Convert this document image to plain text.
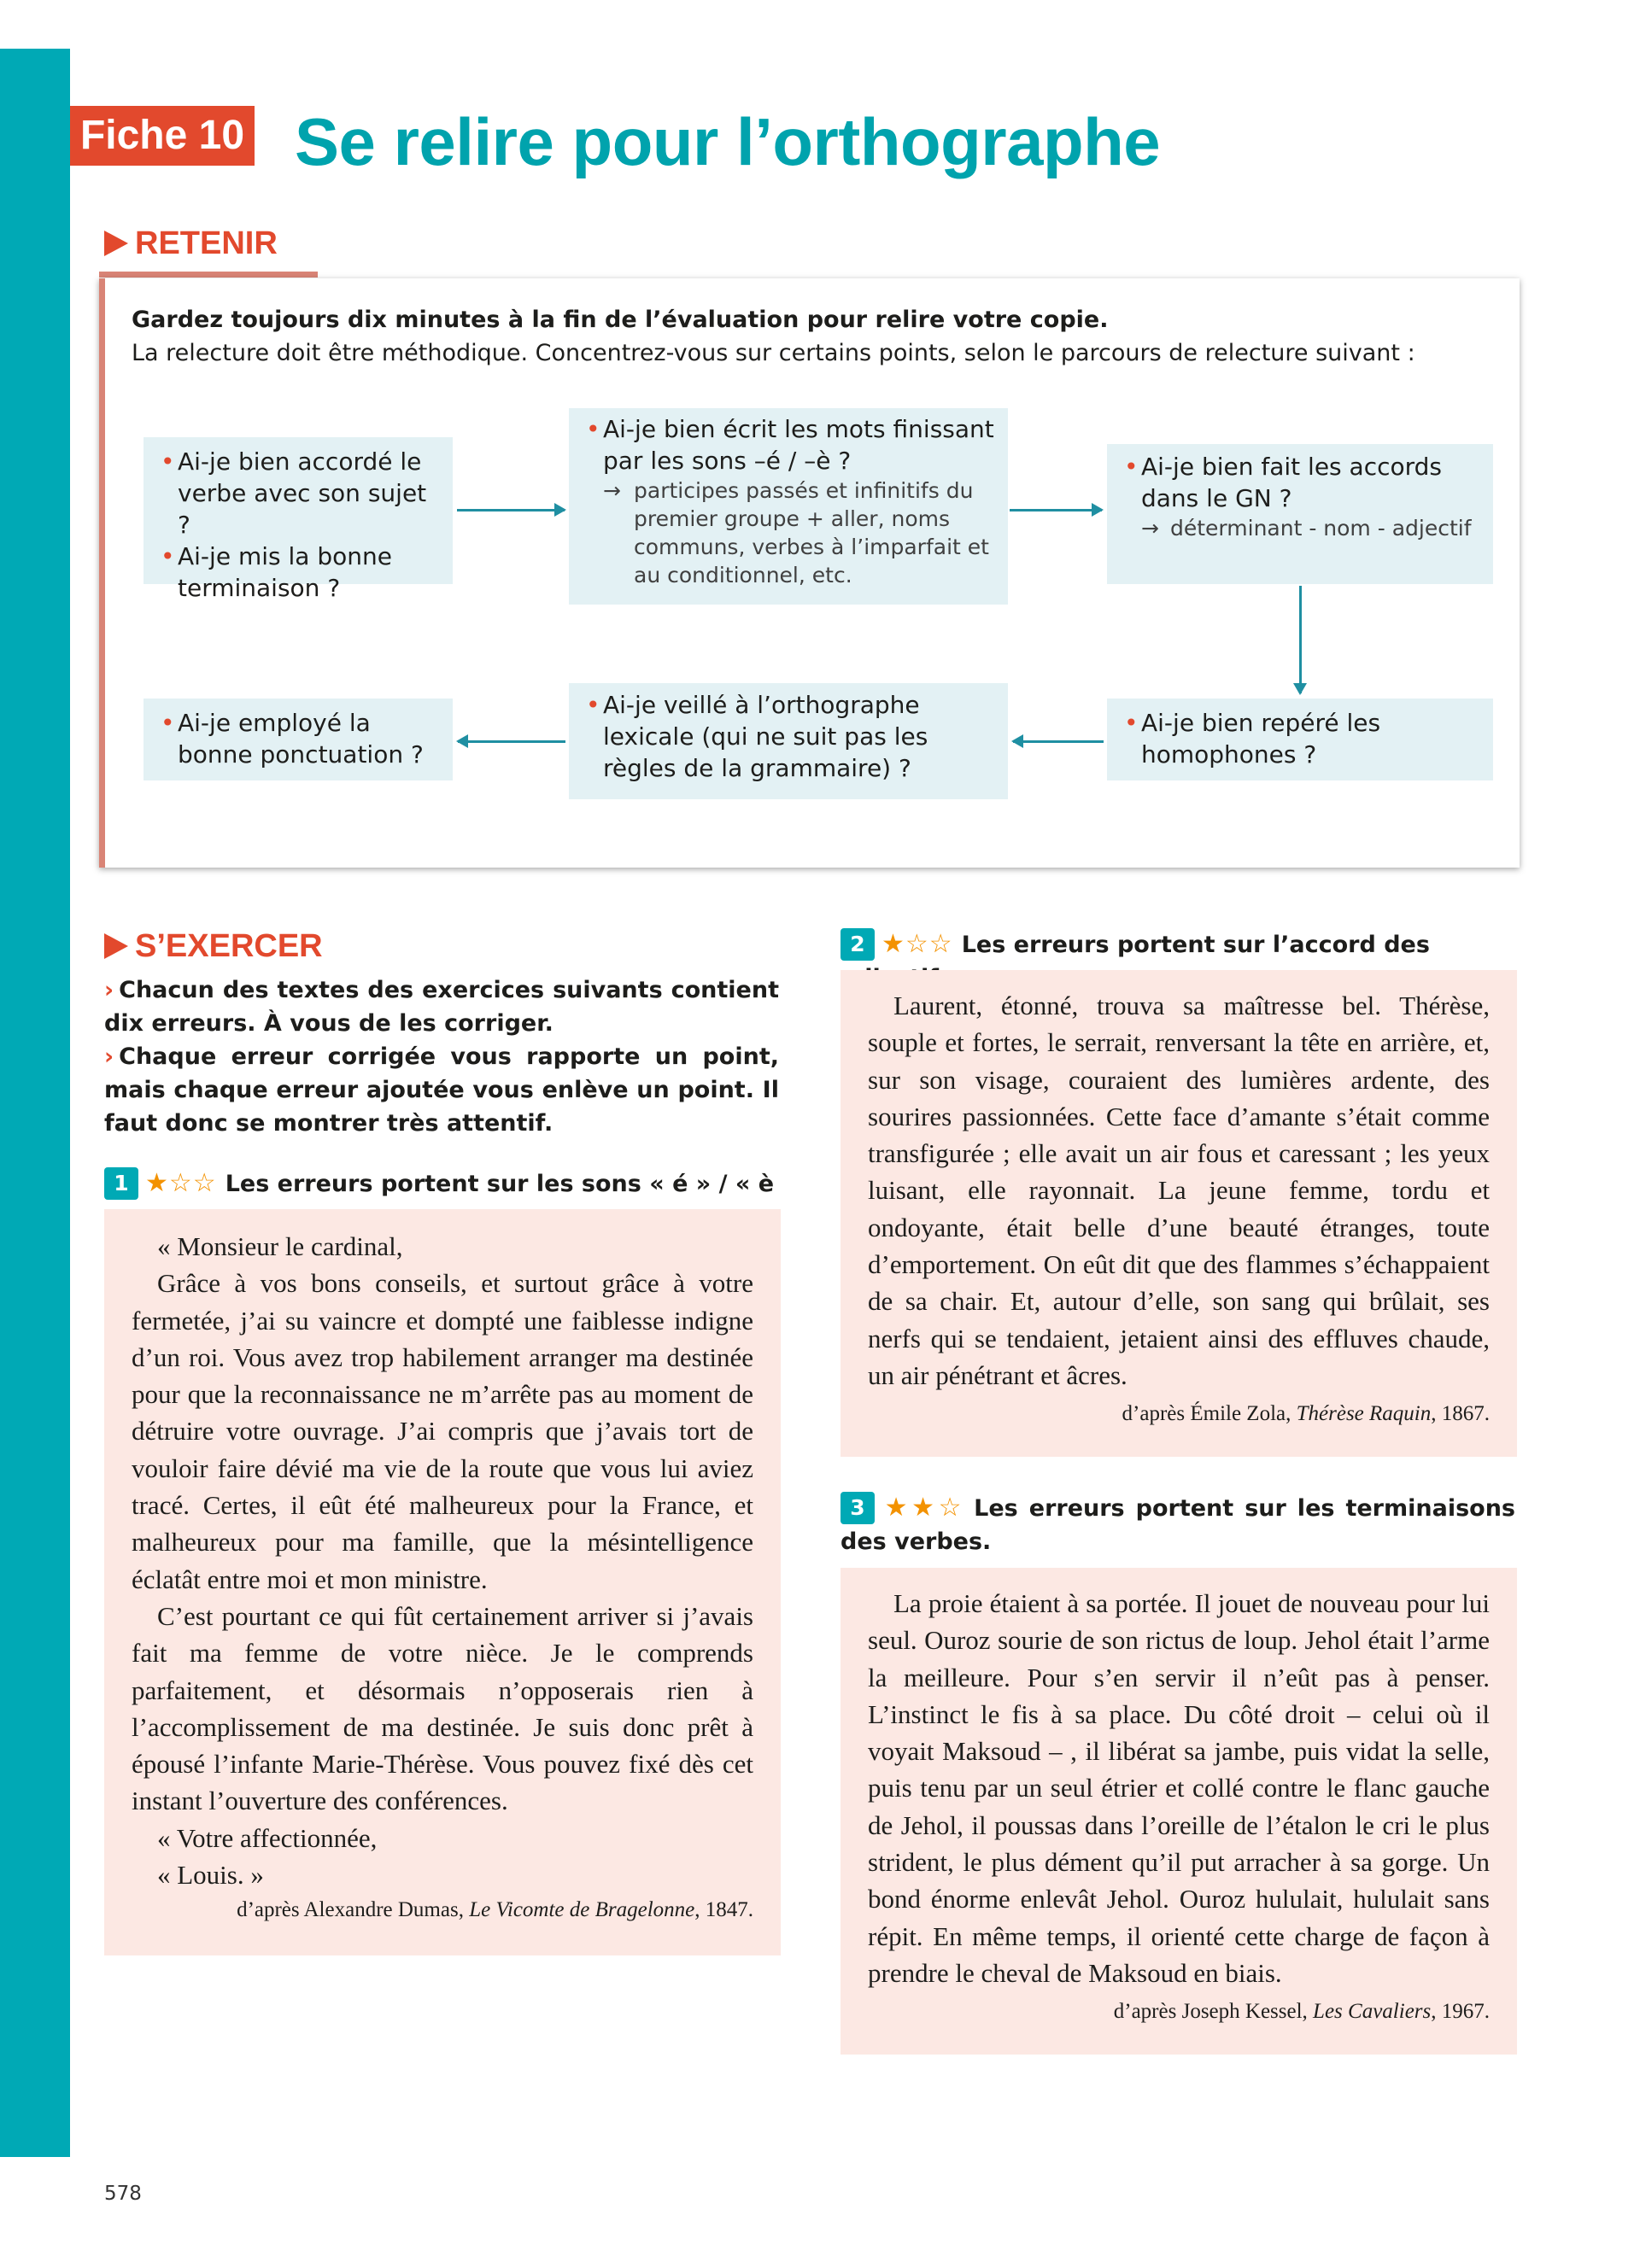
Fiche 10 Se relire pour l’orthographe
RETENIR
Gardez toujours dix minutes à la fin de l’évaluation pour relire votre copie.
La relecture doit être méthodique. Concentrez-vous sur certains points, selon le parcours de relecture suivant :
• Ai-je bien accordé le verbe avec son sujet ?
• Ai-je mis la bonne terminaison ?
• Ai-je bien écrit les mots finissant par les sons –é / –è ?
→ participes passés et infinitifs du premier groupe + aller, noms communs, verbes à l’imparfait et au conditionnel, etc.
• Ai-je bien fait les accords dans le GN ?
→ déterminant - nom - adjectif
• Ai-je bien repéré les homophones ?
• Ai-je veillé à l’orthographe lexicale (qui ne suit pas les règles de la grammaire) ?
• Ai-je employé la bonne ponctuation ?
S’EXERCER
› Chacun des textes des exercices suivants contient dix erreurs. À vous de les corriger.
› Chaque erreur corrigée vous rapporte un point, mais chaque erreur ajoutée vous enlève un point. Il faut donc se montrer très attentif.
1 ★☆☆ Les erreurs portent sur les sons « é » / « è

« Monsieur le cardinal,

Grâce à vos bons conseils, et surtout grâce à votre fermetée, j’ai su vaincre et dompté une faiblesse indigne d’un roi. Vous avez trop habilement arranger ma destinée pour que la reconnaissance ne m’arrête pas au moment de détruire votre ouvrage. J’ai compris que j’avais tort de vouloir faire dévié ma vie de la route que vous lui aviez tracé. Certes, il eût été malheureux pour la France, et malheureux pour ma famille, que la mésintelligence éclatât entre moi et mon ministre.

C’est pourtant ce qui fût certainement arriver si j’avais fait ma femme de votre nièce. Je le comprends parfaitement, et désormais n’opposerais rien à l’accomplissement de ma destinée. Je suis donc prêt à épousé l’infante Marie-Thérèse. Vous pouvez fixé dès cet instant l’ouverture des conférences.

« Votre affectionnée,

« Louis. »

d’après Alexandre Dumas, Le Vicomte de Bragelonne, 1847.
2 ★☆☆ Les erreurs portent sur l’accord des

Laurent, étonné, trouva sa maîtresse bel. Thérèse, souple et fortes, le serrait, renversant la tête en arrière, et, sur son visage, couraient des lumières ardente, des sourires passionnées. Cette face d’amante s’était comme transfigurée ; elle avait un air fous et caressant ; les yeux luisant, elle rayonnait. La jeune femme, tordu et ondoyante, était belle d’une beauté étranges, toute d’emportement. On eût dit que des flammes s’échappaient de sa chair. Et, autour d’elle, son sang qui brûlait, ses nerfs qui se tendaient, jetaient ainsi des effluves chaude, un air pénétrant et âcres.

d’après Émile Zola, Thérèse Raquin, 1867.
3 ★★☆ Les erreurs portent sur les terminaisons des verbes.

La proie étaient à sa portée. Il jouet de nouveau pour lui seul. Ouroz sourie de son rictus de loup. Jehol était l’arme la meilleure. Pour s’en servir il n’eût pas à penser. L’instinct le fis à sa place. Du côté droit – celui où il voyait Maksoud – , il libérat sa jambe, puis vidat la selle, puis tenu par un seul étrier et collé contre le flanc gauche de Jehol, il poussas dans l’oreille de l’étalon le cri le plus strident, le plus dément qu’il put arracher à sa gorge. Un bond énorme enlevât Jehol. Ouroz hululait, hululait sans répit. En même temps, il orienté cette charge de façon à prendre le cheval de Maksoud en biais.

d’après Joseph Kessel, Les Cavaliers, 1967.
578
